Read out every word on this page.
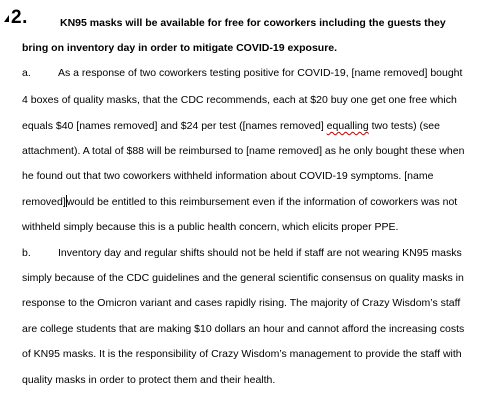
2.	KN95 masks will be available for free for coworkers including the guests they
bring on inventory day in order to mitigate COVID-19 exposure.
a.	As a response of two coworkers testing positive for COVID-19, [name removed] bought
4 boxes of quality masks, that the CDC recommends, each at $20 buy one get one free which
equals $40 [names removed] and $24 per test ([names removed] equalling two tests) (see
attachment). A total of $88 will be reimbursed to [name removed] as he only bought these when
he found out that two coworkers withheld information about COVID-19 symptoms. [name
removed]would be entitled to this reimbursement even if the information of coworkers was not
withheld simply because this is a public health concern, which elicits proper PPE.
b.	Inventory day and regular shifts should not be held if staff are not wearing KN95 masks
simply because of the CDC guidelines and the general scientific consensus on quality masks in
response to the Omicron variant and cases rapidly rising. The majority of Crazy Wisdom’s staff
are college students that are making $10 dollars an hour and cannot afford the increasing costs
of KN95 masks. It is the responsibility of Crazy Wisdom’s management to provide the staff with
quality masks in order to protect them and their health.
